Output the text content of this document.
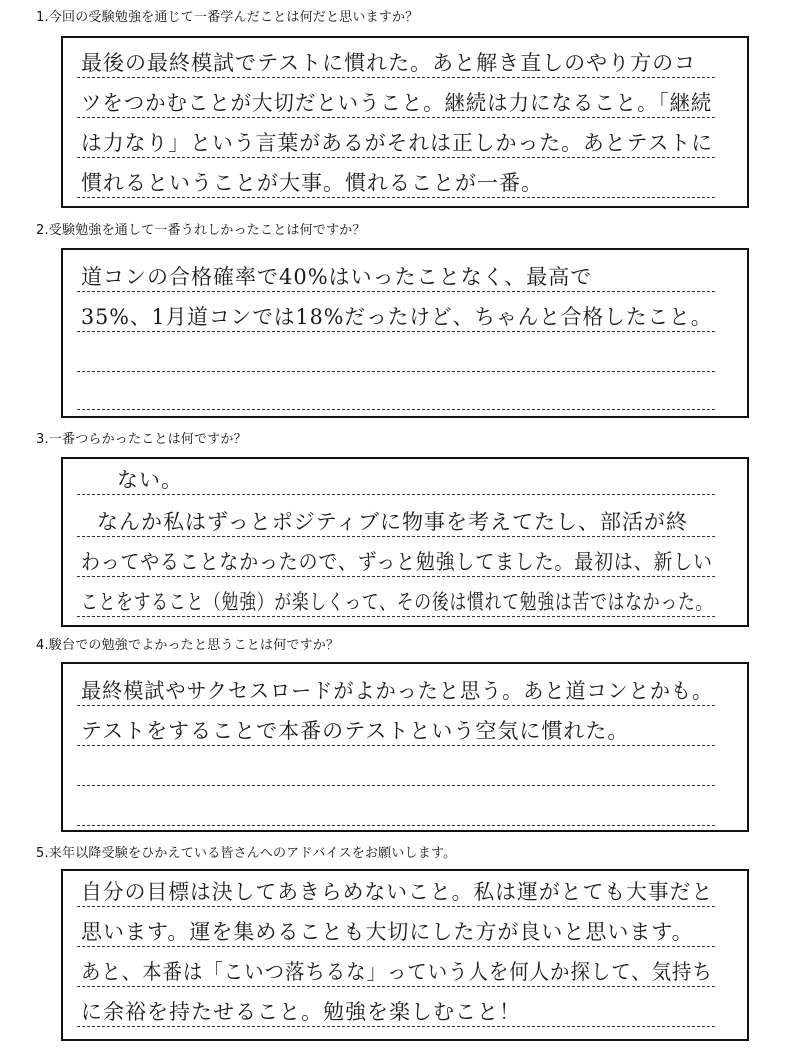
1.今回の受験勉強を通じて一番学んだことは何だと思いますか？
最後の最終模試でテストに慣れた。あと解き直しのやり方のコ
ツをつかむことが大切だということ。継続は力になること。「継続
は力なり」という言葉があるがそれは正しかった。あとテストに
慣れるということが大事。慣れることが一番。
2.受験勉強を通して一番うれしかったことは何ですか？
道コンの合格確率で40%はいったことなく、最高で
35%、1月道コンでは18%だったけど、ちゃんと合格したこと。
3.一番つらかったことは何ですか？
ない。
なんか私はずっとポジティブに物事を考えてたし、部活が終
わってやることなかったので、ずっと勉強してました。最初は、新しい
ことをすること（勉強）が楽しくって、その後は慣れて勉強は苦ではなかった。
4.駿台での勉強でよかったと思うことは何ですか？
最終模試やサクセスロードがよかったと思う。あと道コンとかも。
テストをすることで本番のテストという空気に慣れた。
5.来年以降受験をひかえている皆さんへのアドバイスをお願いします。
自分の目標は決してあきらめないこと。私は運がとても大事だと
思います。運を集めることも大切にした方が良いと思います。
あと、本番は「こいつ落ちるな」っていう人を何人か探して、気持ち
に余裕を持たせること。勉強を楽しむこと！
